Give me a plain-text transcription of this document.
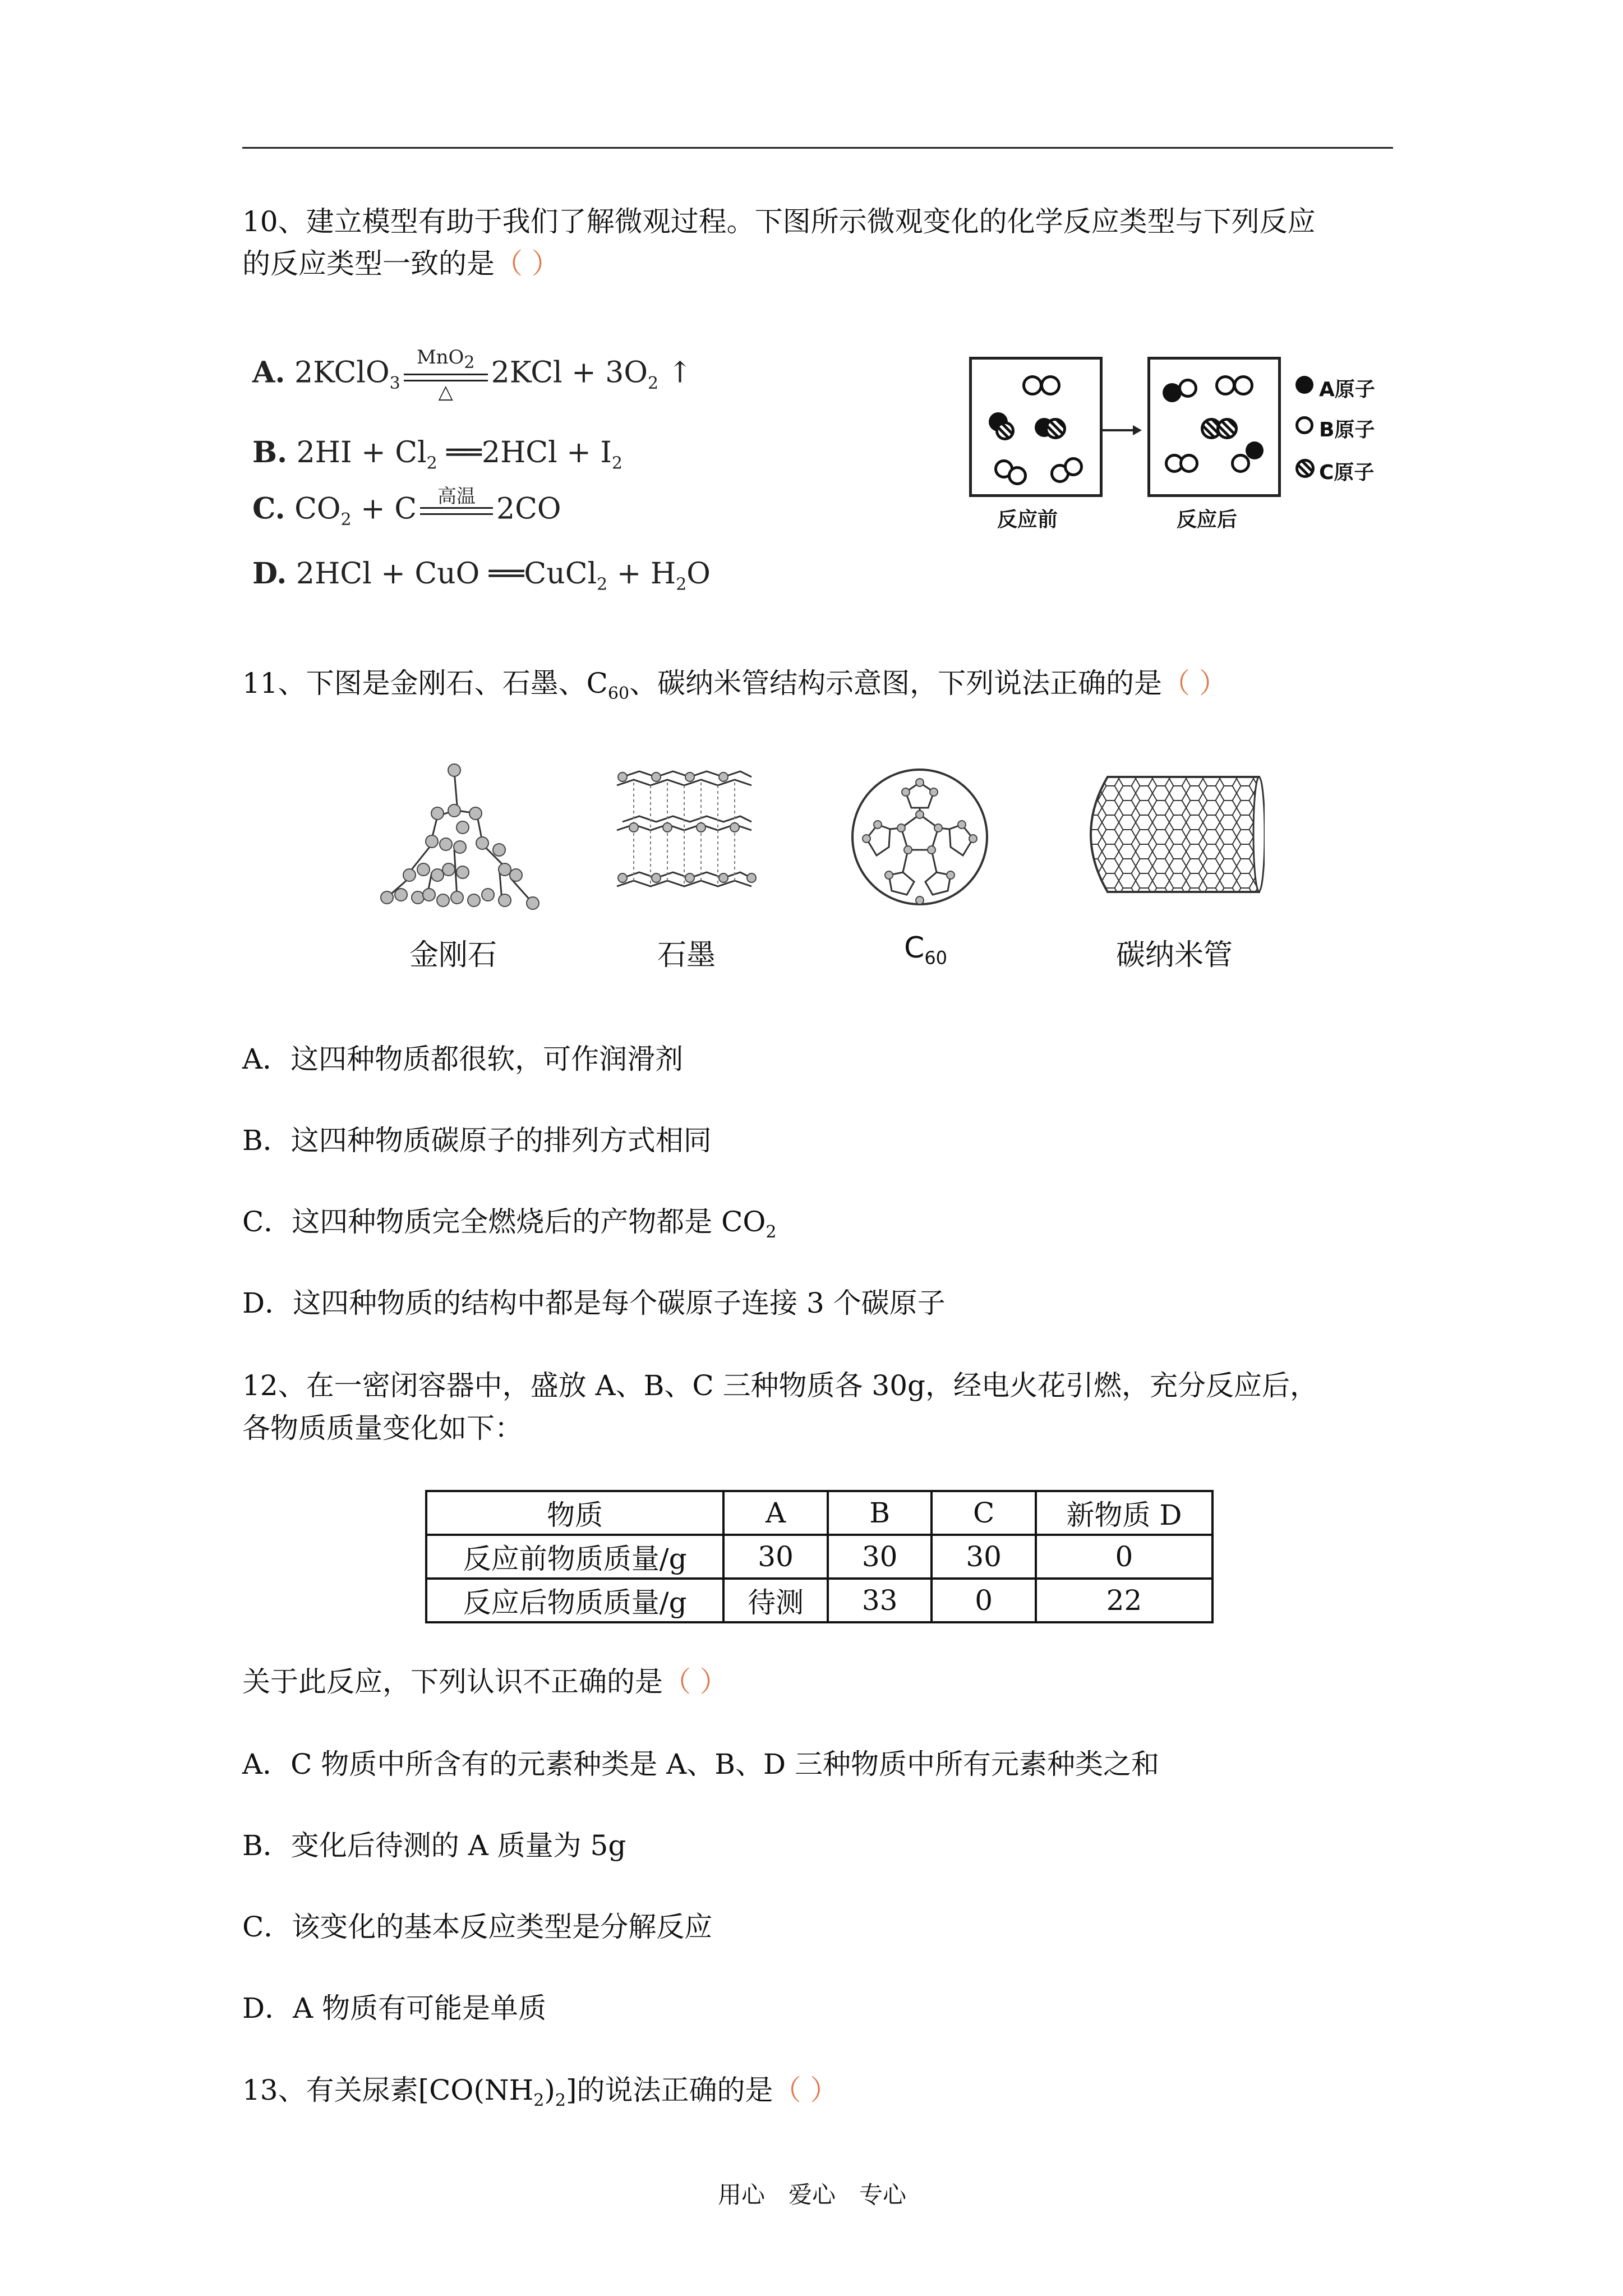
10、建立模型有助于我们了解微观过程。下图所示微观变化的化学反应类型与下列反应
的反应类型一致的是（ ）
A. 2KClO$_3$
MnO$_2$
△
$2KCl + 3O_2$ ↑
B. $2HI + Cl_2$ ══2HCl + $I_2$
C. $CO_2 + C$	高温
2CO
D. 2HCl + CuO ══CuCl$_2$ + $H_2O$
反应前	反应后
A原子
B原子
C原子
11、下图是金刚石、石墨、$C_{60}$、碳纳米管结构示意图，下列说法正确的是（ ）
金刚石	石墨	$C_{60}$	碳纳米管
A．这四种物质都很软，可作润滑剂
B．这四种物质碳原子的排列方式相同
C．这四种物质完全燃烧后的产物都是 $CO_2$
D．这四种物质的结构中都是每个碳原子连接 3 个碳原子
12、在一密闭容器中，盛放 A、B、C 三种物质各 30g，经电火花引燃，充分反应后，
各物质质量变化如下：
物质	A	B	C	新物质 D
反应前物质质量/g	30	30	30	0
反应后物质质量/g	待测	33	0	22
关于此反应，下列认识不正确的是（ ）
A．C 物质中所含有的元素种类是 A、B、D 三种物质中所有元素种类之和
B．变化后待测的 A 质量为 5g
C．该变化的基本反应类型是分解反应
D．A 物质有可能是单质
13、有关尿素$[CO(NH_2)_2]$的说法正确的是（ ）
用心　爱心　专心
